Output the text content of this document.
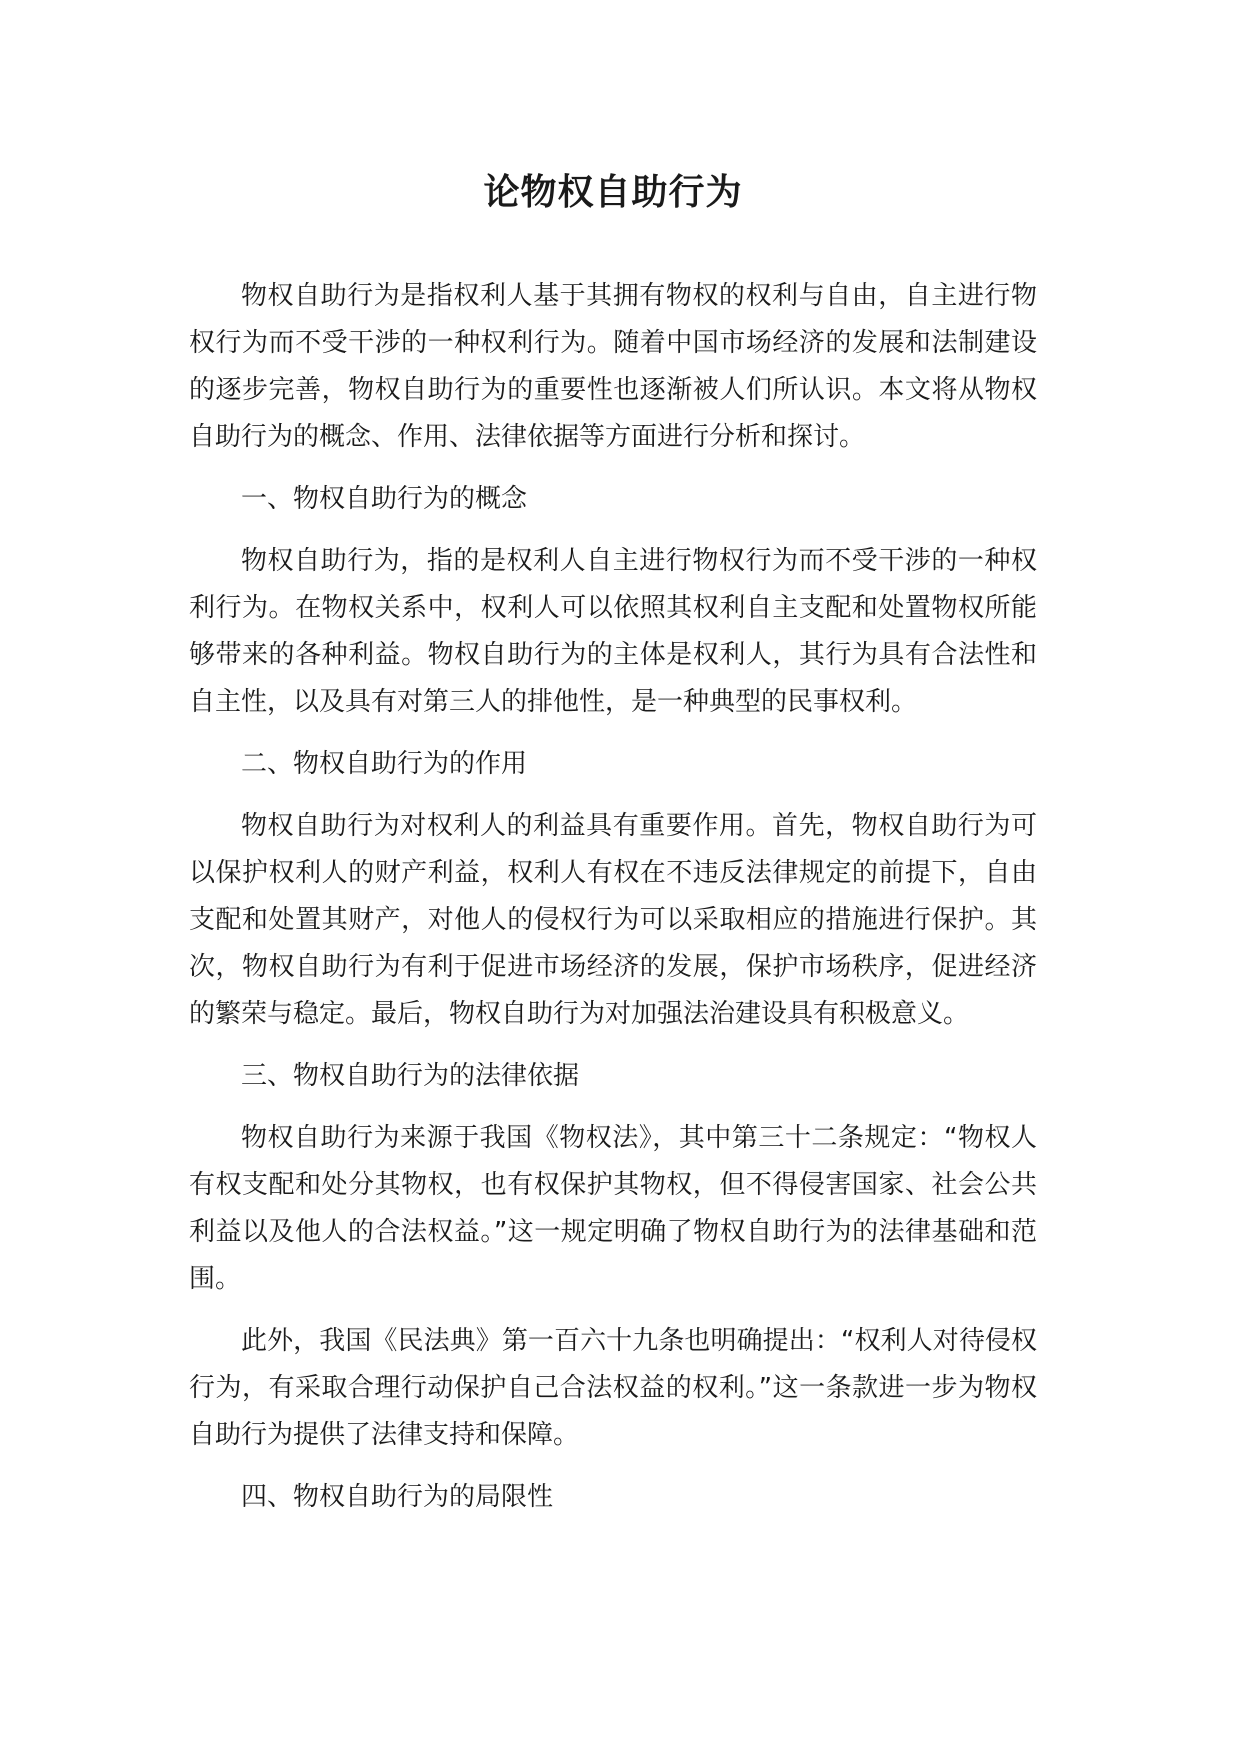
论物权自助行为

物权自助行为是指权利人基于其拥有物权的权利与自由，自主进行物权行为而不受干涉的一种权利行为。随着中国市场经济的发展和法制建设的逐步完善，物权自助行为的重要性也逐渐被人们所认识。本文将从物权自助行为的概念、作用、法律依据等方面进行分析和探讨。

一、物权自助行为的概念

物权自助行为，指的是权利人自主进行物权行为而不受干涉的一种权利行为。在物权关系中，权利人可以依照其权利自主支配和处置物权所能够带来的各种利益。物权自助行为的主体是权利人，其行为具有合法性和自主性，以及具有对第三人的排他性，是一种典型的民事权利。

二、物权自助行为的作用

物权自助行为对权利人的利益具有重要作用。首先，物权自助行为可以保护权利人的财产利益，权利人有权在不违反法律规定的前提下，自由支配和处置其财产，对他人的侵权行为可以采取相应的措施进行保护。其次，物权自助行为有利于促进市场经济的发展，保护市场秩序，促进经济的繁荣与稳定。最后，物权自助行为对加强法治建设具有积极意义。

三、物权自助行为的法律依据

物权自助行为来源于我国《物权法》，其中第三十二条规定：“物权人有权支配和处分其物权，也有权保护其物权，但不得侵害国家、社会公共利益以及他人的合法权益。”这一规定明确了物权自助行为的法律基础和范围。

此外，我国《民法典》第一百六十九条也明确提出：“权利人对待侵权行为，有采取合理行动保护自己合法权益的权利。”这一条款进一步为物权自助行为提供了法律支持和保障。

四、物权自助行为的局限性
